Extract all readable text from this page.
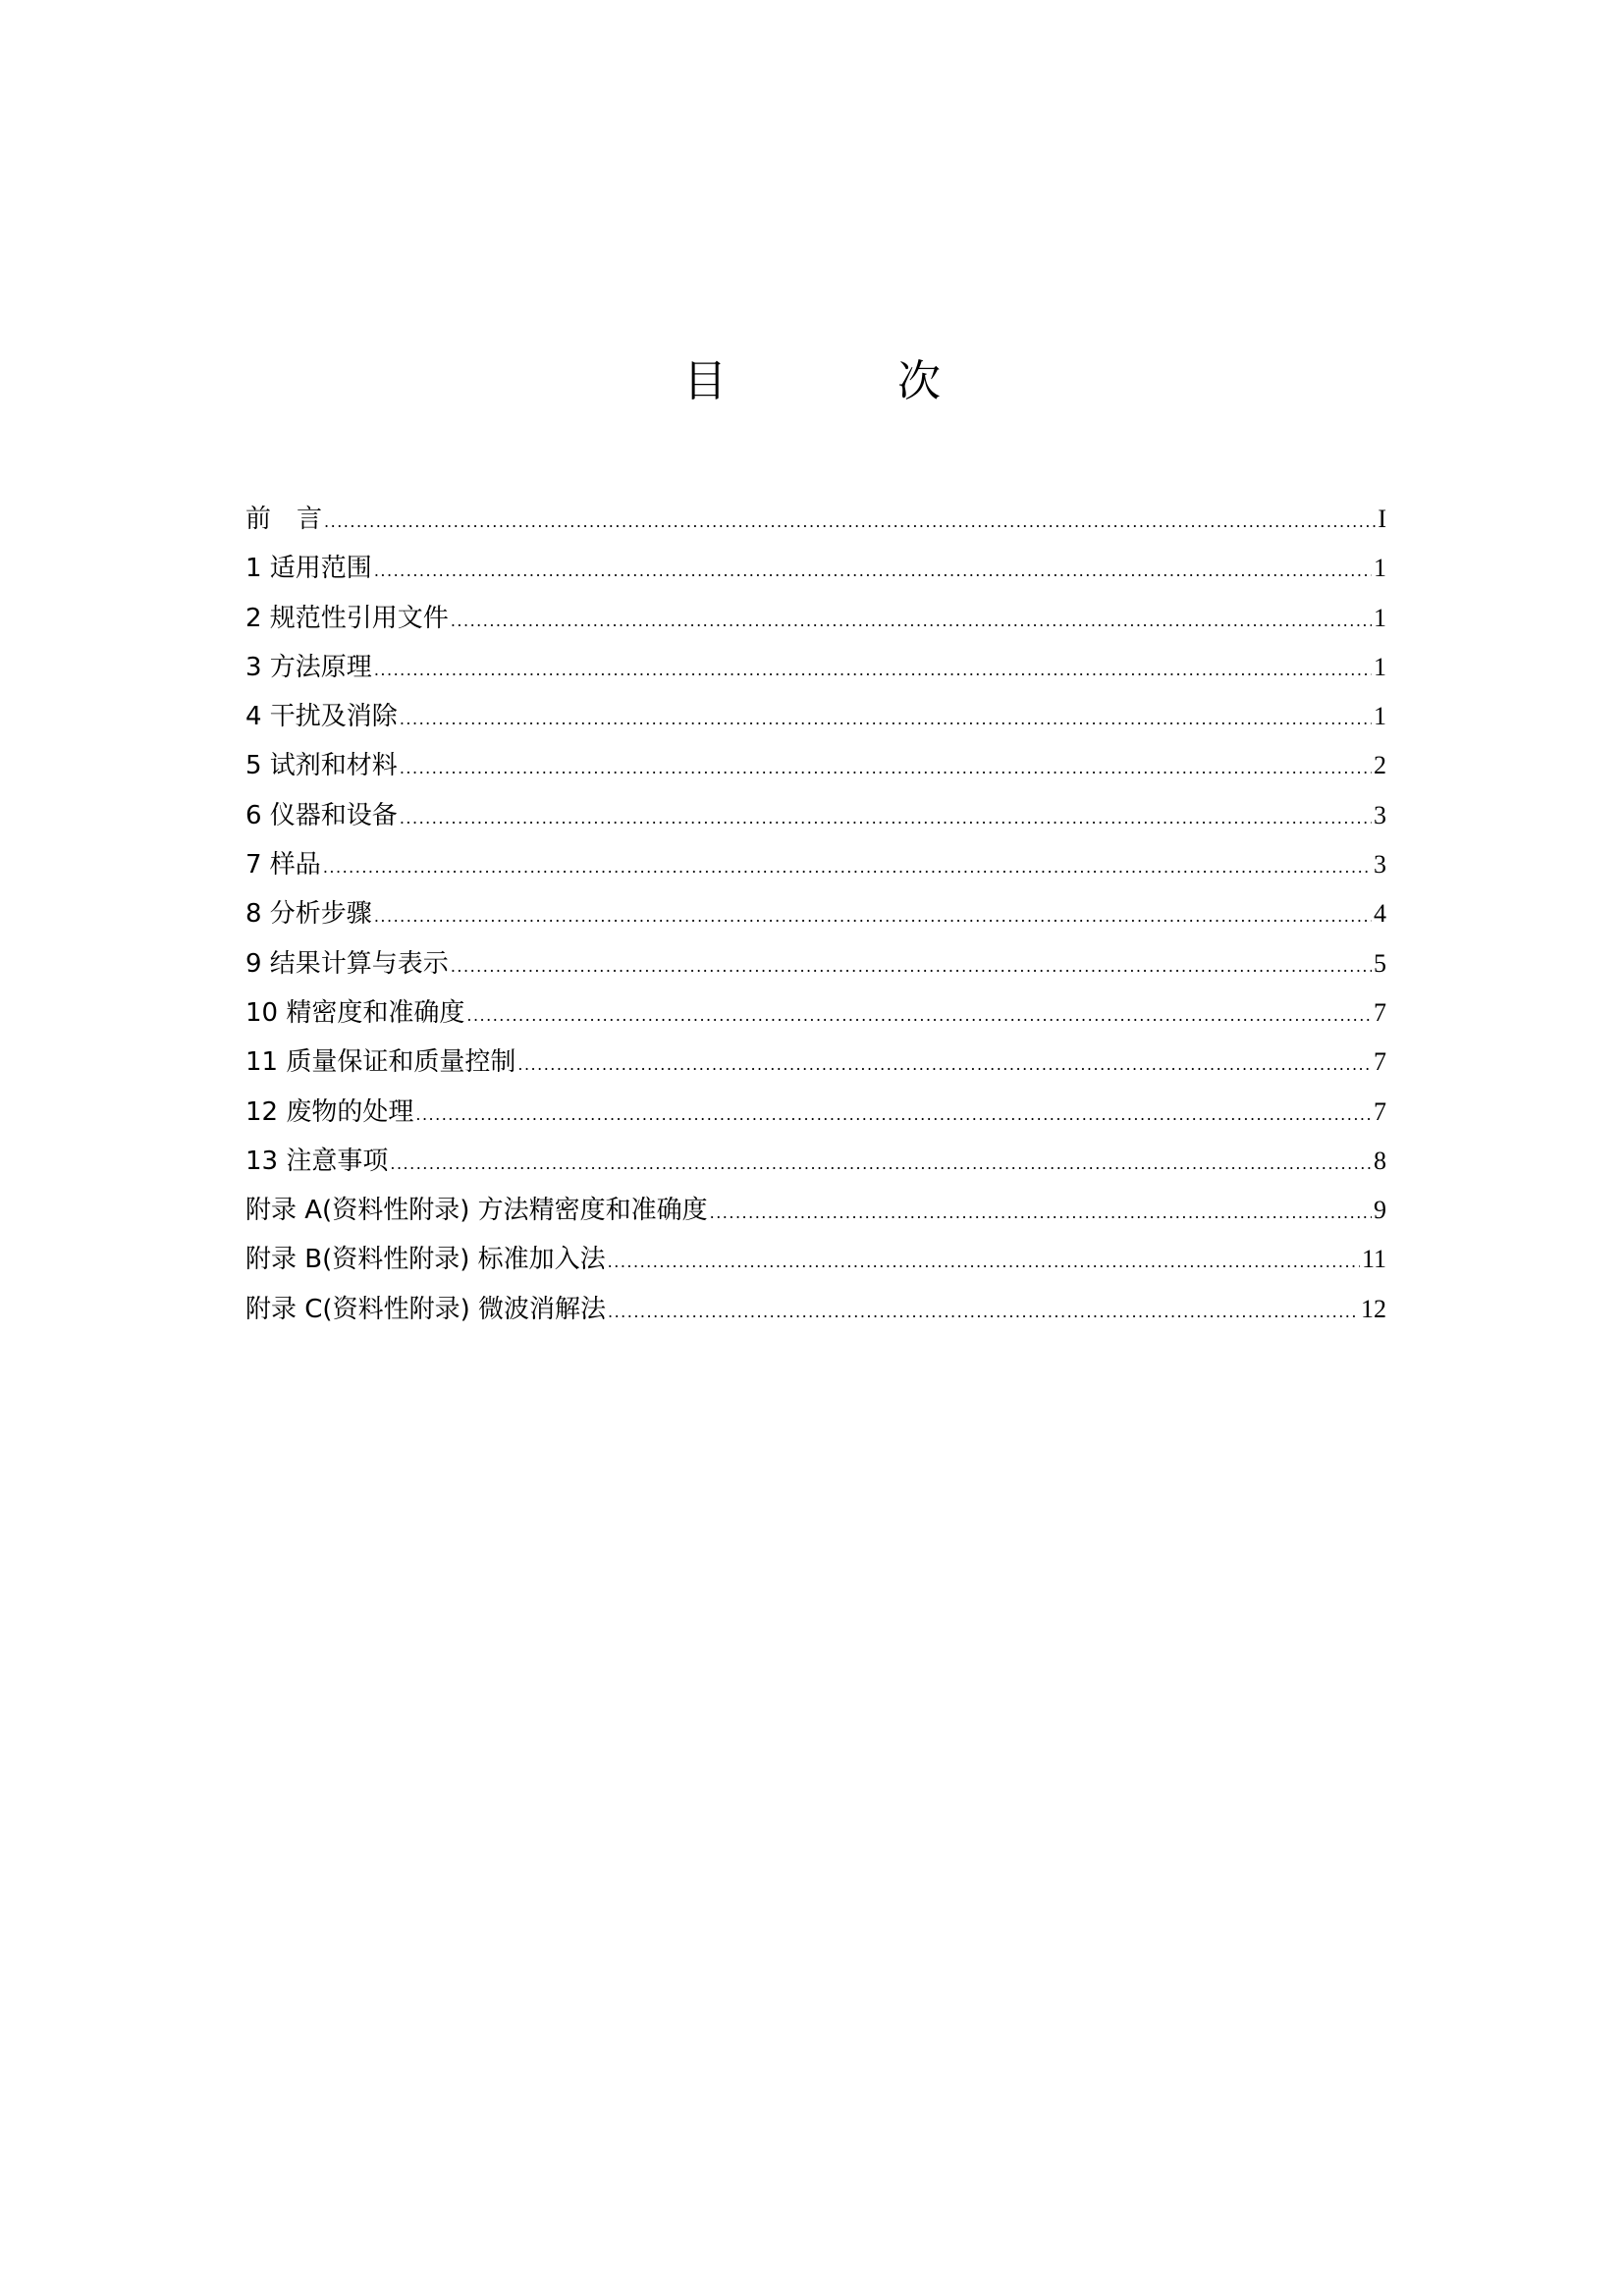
目 次
前　言 .....	I
1 适用范围 .....	1
2 规范性引用文件 .....	1
3 方法原理 .....	1
4 干扰及消除 .....	1
5 试剂和材料 .....	2
6 仪器和设备 .....	3
7 样品 .....	3
8 分析步骤 .....	4
9 结果计算与表示 .....	5
10 精密度和准确度 .....	7
11 质量保证和质量控制 .....	7
12 废物的处理 .....	7
13 注意事项 .....	8
附录 A(资料性附录) 方法精密度和准确度 .....	9
附录 B(资料性附录) 标准加入法 .....	11
附录 C(资料性附录) 微波消解法 .....	12
